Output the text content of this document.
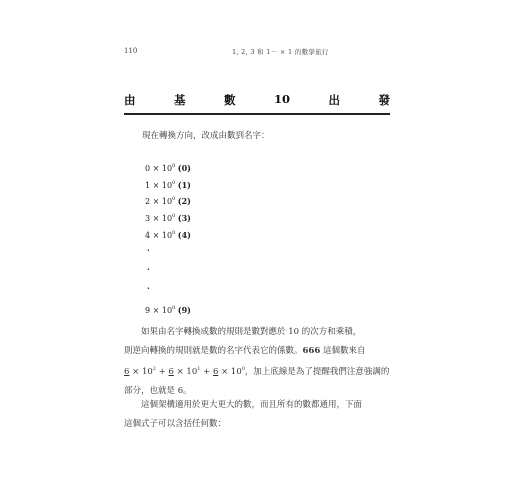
110	1, 2, 3 和 1－ × 1 的數學旅行
由	基	數	10	出	發
現在轉換方向，改成由數到名字：
$0 \times 10^0$ (0)
$1 \times 10^0$ (1)
$2 \times 10^0$ (2)
$3 \times 10^0$ (3)
$4 \times 10^0$ (4)
·
·
·
$9 \times 10^0$ (9)
如果由名字轉換成數的規則是數對應於 10 的次方和乘積，
則逆向轉換的規則就是數的名字代表它的係數。666 這個數來自
$6 \times 10^2 + 6 \times 10^1 + 6 \times 10^0$，加上底線是為了提醒我們注意強調的
部分，也就是 6。
這個架構適用於更大更大的數，而且所有的數都通用，下面
這個式子可以含括任何數：
